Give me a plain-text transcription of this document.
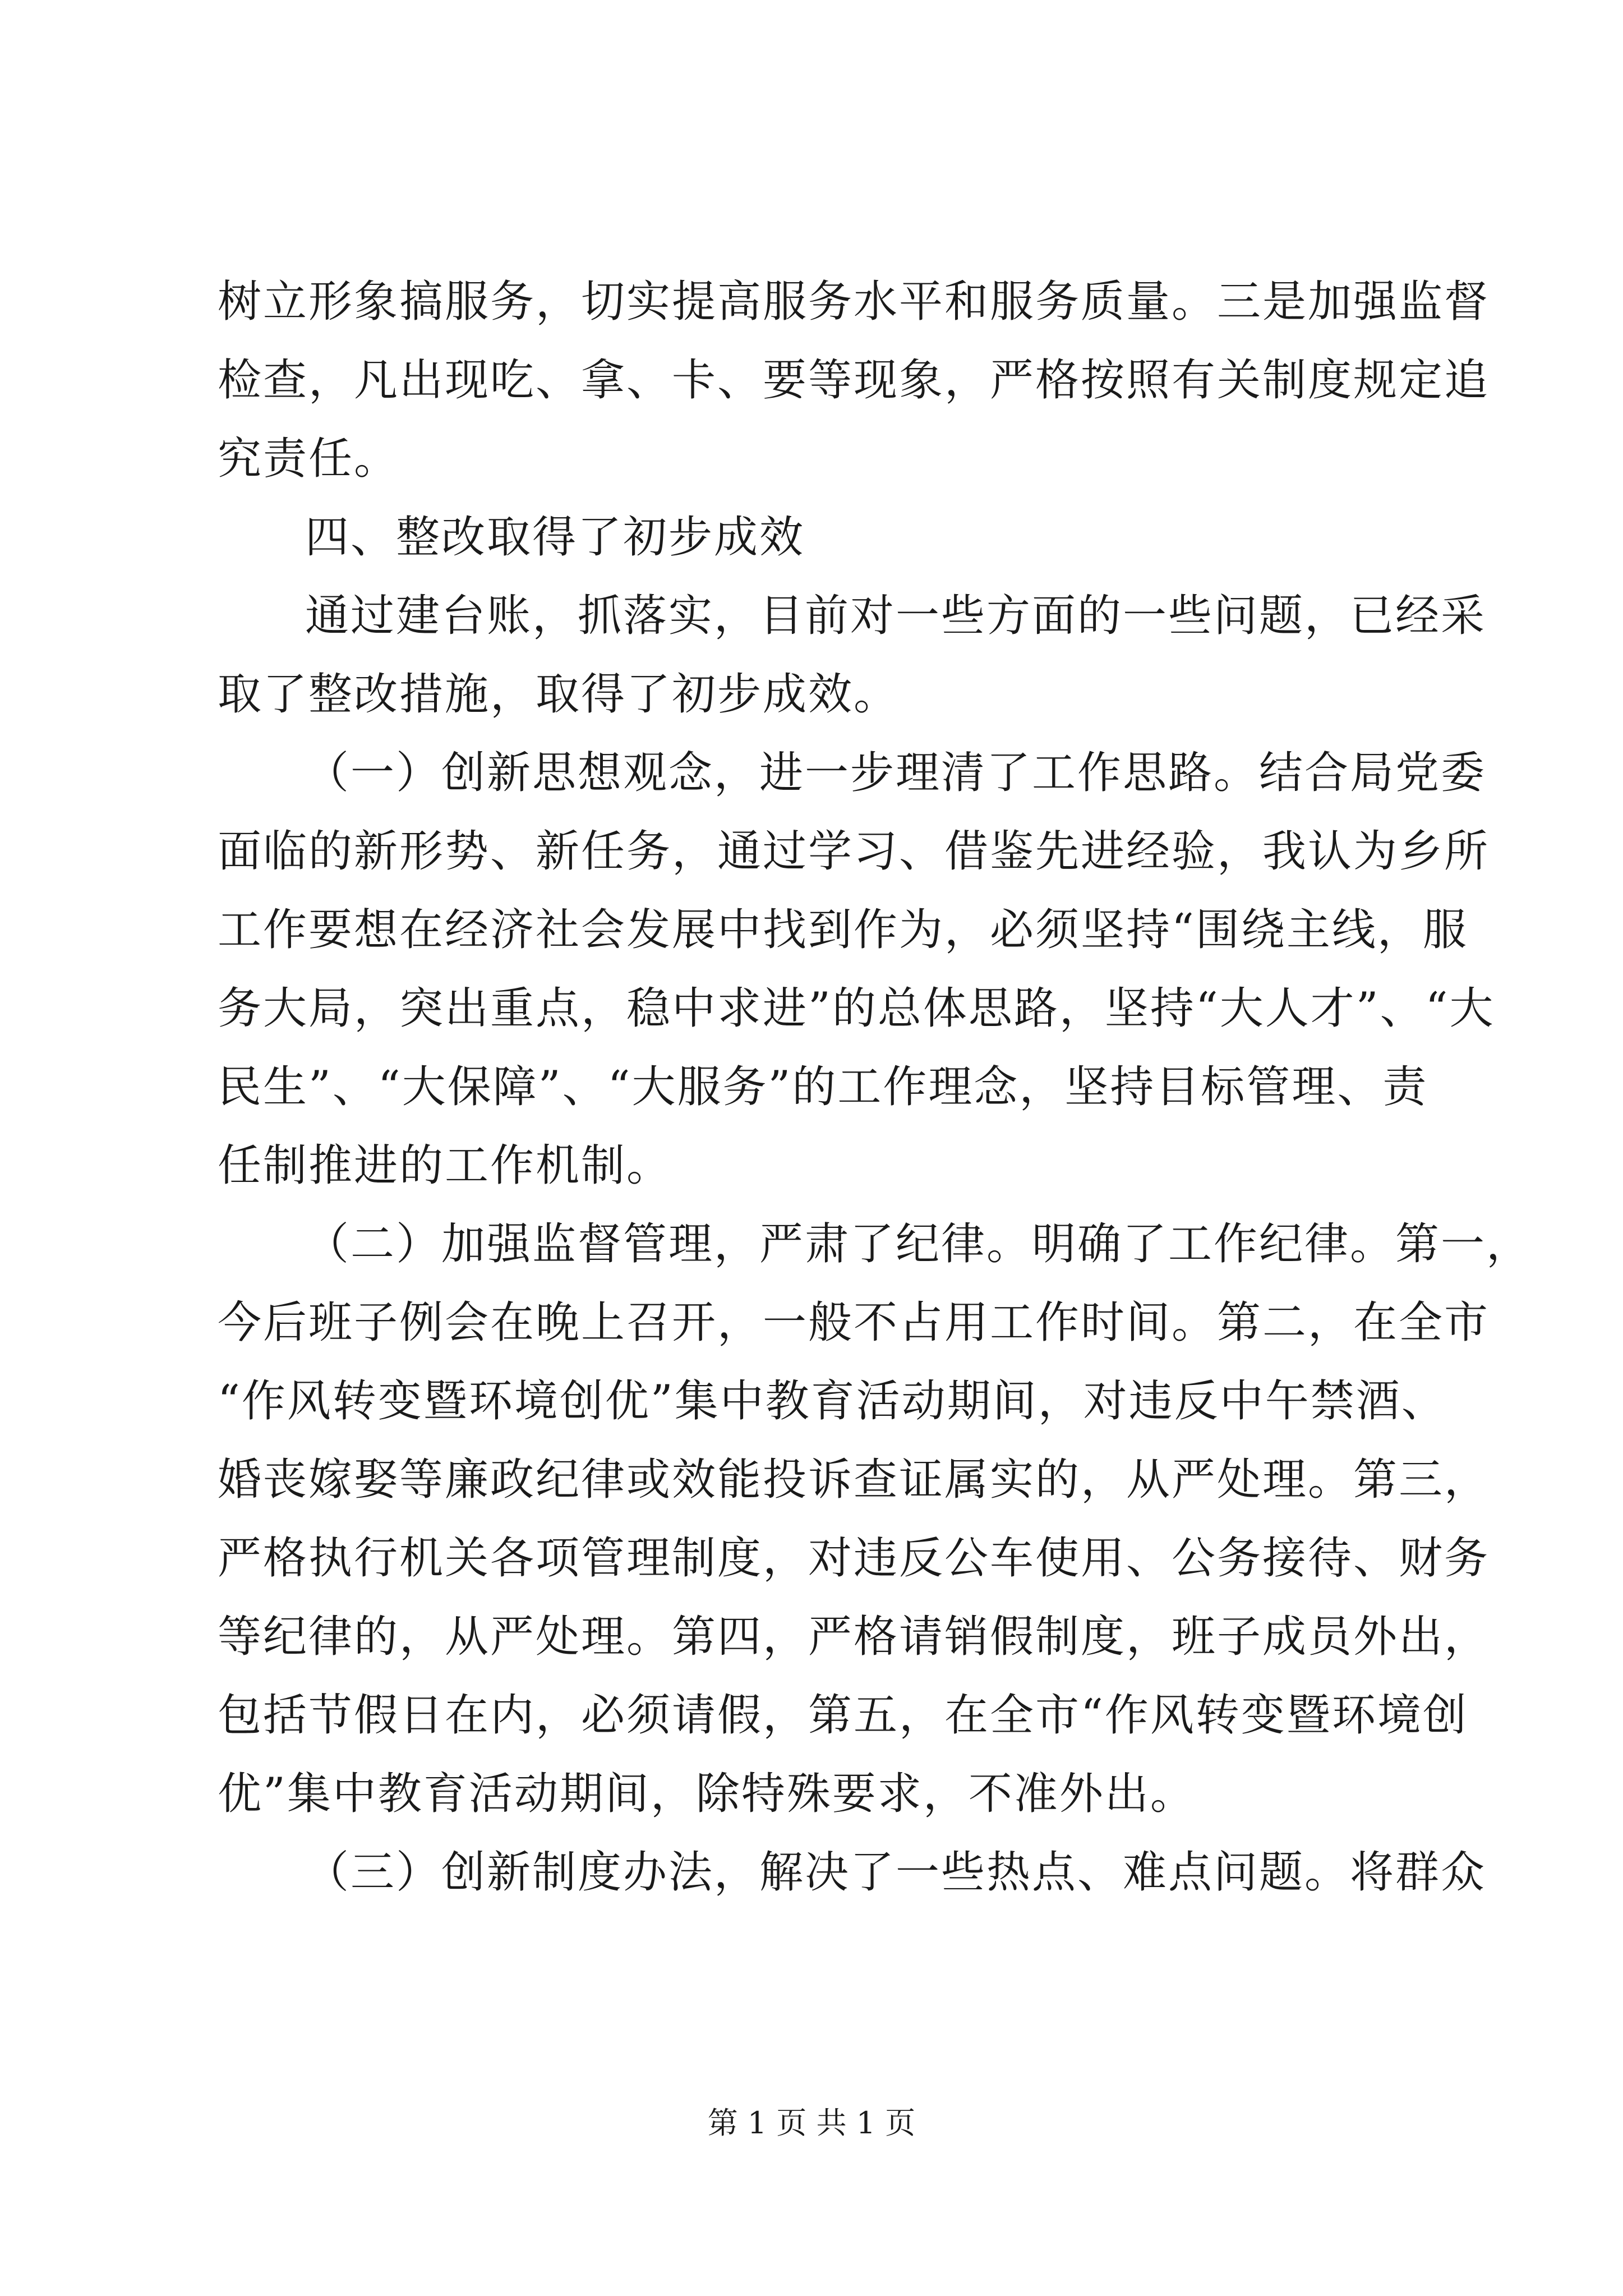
树立形象搞服务，切实提高服务水平和服务质量。三是加强监督
检查，凡出现吃、拿、卡、要等现象，严格按照有关制度规定追
究责任。
四、整改取得了初步成效
通过建台账，抓落实，目前对一些方面的一些问题，已经采
取了整改措施，取得了初步成效。
（一）创新思想观念，进一步理清了工作思路。结合局党委
面临的新形势、新任务，通过学习、借鉴先进经验，我认为乡所
工作要想在经济社会发展中找到作为，必须坚持“围绕主线，服
务大局，突出重点，稳中求进”的总体思路，坚持“大人才”、“大
民生”、“大保障”、“大服务”的工作理念，坚持目标管理、责
任制推进的工作机制。
（二）加强监督管理，严肃了纪律。明确了工作纪律。第一，
今后班子例会在晚上召开，一般不占用工作时间。第二，在全市
“作风转变暨环境创优”集中教育活动期间，对违反中午禁酒、
婚丧嫁娶等廉政纪律或效能投诉查证属实的，从严处理。第三，
严格执行机关各项管理制度，对违反公车使用、公务接待、财务
等纪律的，从严处理。第四，严格请销假制度，班子成员外出，
包括节假日在内，必须请假，第五，在全市“作风转变暨环境创
优”集中教育活动期间，除特殊要求，不准外出。
（三）创新制度办法，解决了一些热点、难点问题。将群众
第 1 页 共 1 页
